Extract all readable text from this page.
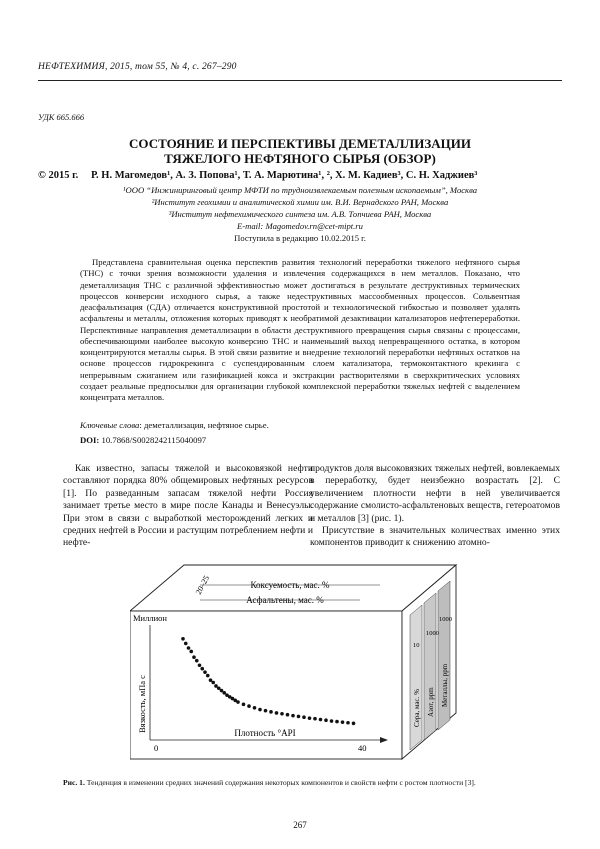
НЕФТЕХИМИЯ, 2015, том 55, № 4, с. 267–290
УДК 665.666
СОСТОЯНИЕ И ПЕРСПЕКТИВЫ ДЕМЕТАЛЛИЗАЦИИ
ТЯЖЕЛОГО НЕФТЯНОГО СЫРЬЯ (ОБЗОР)
© 2015 г. Р. Н. Магомедов¹, А. З. Попова¹, Т. А. Марютина¹, ², Х. М. Кадиев³, С. Н. Хаджиев³
¹ООО “Инжиниринговый центр МФТИ по трудноизвлекаемым полезным ископаемым”, Москва
²Институт геохимии и аналитической химии им. В.И. Вернадского РАН, Москва
³Институт нефтехимического синтеза им. А.В. Топчиева РАН, Москва
E-mail: Magomedov.rn@cet-mipt.ru
Поступила в редакцию 10.02.2015 г.
Представлена сравнительная оценка перспектив развития технологий переработки тяжелого нефтяного сырья (ТНС) с точки зрения возможности удаления и извлечения содержащихся в нем металлов. Показано, что деметаллизация ТНС с различной эффективностью может достигаться в результате деструктивных термических процессов конверсии исходного сырья, а также недеструктивных массообменных процессов. Сольвентная деасфальтизация (СДА) отличается конструктивной простотой и технологической гибкостью и позволяет удалять асфальтены и металлы, отложения которых приводят к необратимой дезактивации катализаторов нефтепереработки. Перспективные направления деметаллизации в области деструктивного превращения сырья связаны с процессами, обеспечивающими наиболее высокую конверсию ТНС и наименьший выход непревращенного остатка, в котором концентрируются металлы сырья. В этой связи развитие и внедрение технологий переработки нефтяных остатков на основе процессов гидрокрекинга с суспендированным слоем катализатора, термоконтактного крекинга с непрерывным сжиганием или газификацией кокса и экстракции растворителями в сверхкритических условиях создает реальные предпосылки для организации глубокой комплексной переработки тяжелых нефтей с выделением концентрата металлов.
Ключевые слова: деметаллизация, нефтяное сырье.
DOI: 10.7868/S0028242115040097
Как известно, запасы тяжелой и высоковязкой нефти составляют порядка 80% общемировых нефтяных ресурсов [1]. По разведанным запасам тяжелой нефти Россия занимает третье место в мире после Канады и Венесуэлы. При этом в связи с выработкой месторождений легких и средних нефтей в России и растущим потреблением нефти и нефте-
продуктов доля высоковязких тяжелых нефтей, вовлекаемых в переработку, будет неизбежно возрастать [2]. С увеличением плотности нефти в ней увеличивается содержание смолисто-асфальтеновых веществ, гетероатомов и металлов [3] (рис. 1).
Присутствие в значительных количествах именно этих компонентов приводит к снижению атомно-
Коксуемость, мас. %
Асфальтены, мас. %
20–25
Сера, мас. % Азот, ppm Металлы, ppm
10
1000
1000
Миллион
Вязкость, мПа с
0	40
Плотность °API
Рис. 1. Тенденция в изменении средних значений содержания некоторых компонентов и свойств нефти с ростом плотности [3].
267
